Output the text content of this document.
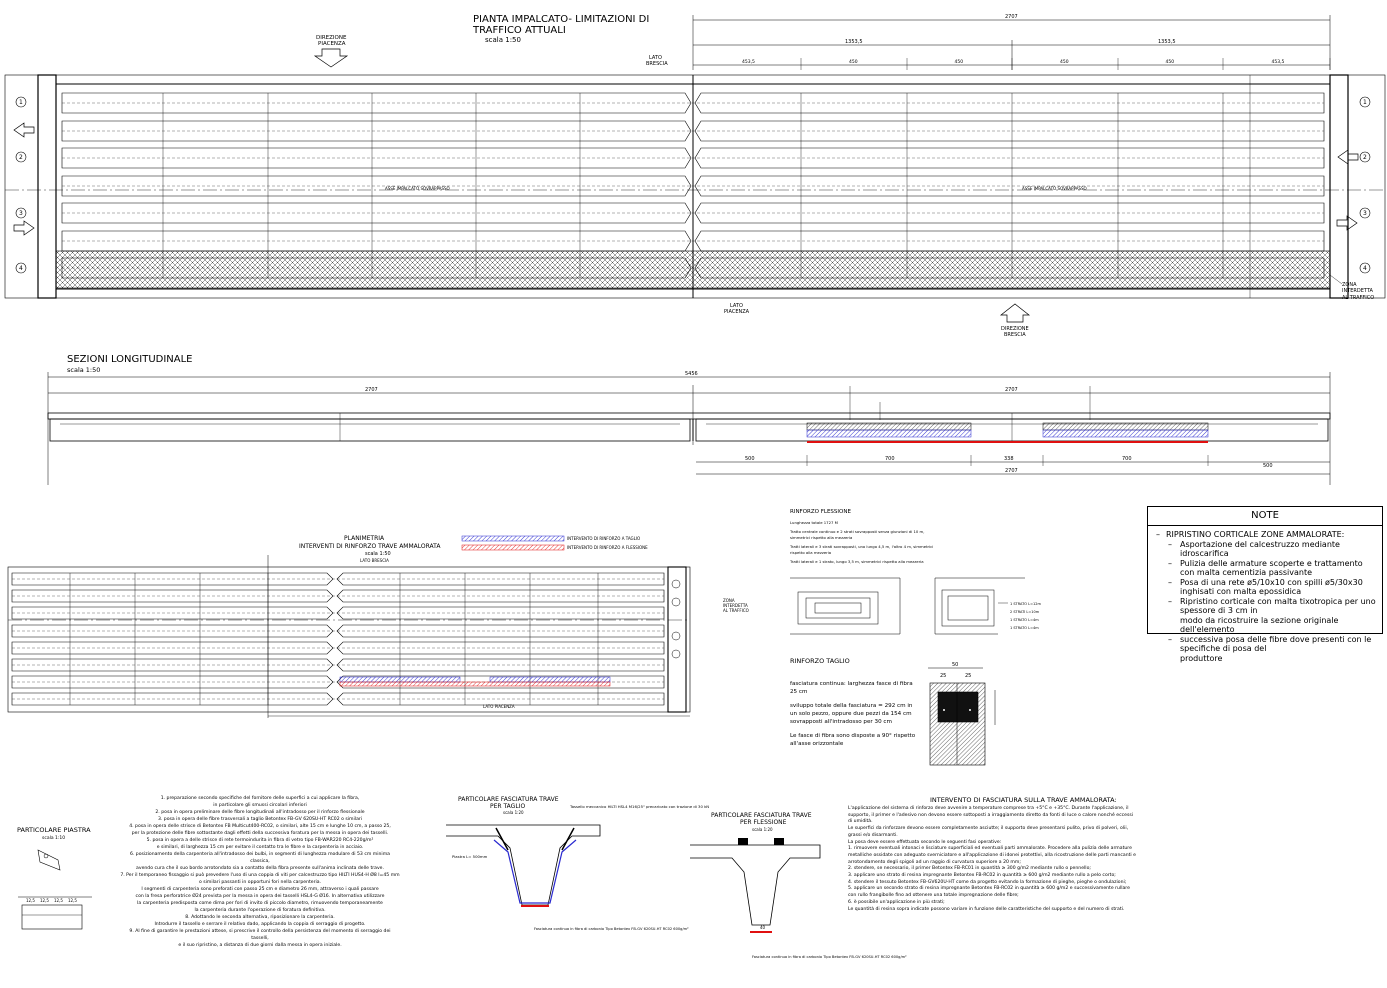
PIANTA IMPALCATO- LIMITAZIONI DI
TRAFFICO ATTUALI
scala 1:50
DIREZIONE
PIACENZA
LATO
BRESCIA
2707
1353,5	1353,5
453,5	450	450	450	450	453,5
ASSE IMPALCATO SOVRAPPASSO	ASSE IMPALCATO SOVRAPPASSO
1
2
3
4
1
2
3
4
LATO
PIACENZA
DIREZIONE
BRESCIA
ZONA
INTERDETTA
AL TRAFFICO
SEZIONI LONGITUDINALE
scala 1:50	5456
2707	2707
500	700	338	700
500
2707
PLANIMETRIA
INTERVENTI DI RINFORZO TRAVE AMMALORATA
scala 1:50
INTERVENTO DI RINFORZO A TAGLIO
INTERVENTO DI RINFORZO A FLESSIONE
LATO BRESCIA
LATO PIACENZA
ZONA
INTERDETTA
AL TRAFFICO
RINFORZO FLESSIONE
1 STRATO L=12m
2 STRATI L=10m
1 STRATO L=4m
1 STRATO L=4m
RINFORZO TAGLIO	50
25	25
PARTICOLARE PIASTRA
scala 1:10
12,5 12,5 12,5 12,5
PARTICOLARE FASCIATURA TRAVE
PER TAGLIO
scala 1:20
Tassello meccanico HILTI HSL4 M16/25" precaricato con trazione di 30 kN
Piastra L= 500mm
Fasciatura continua in fibra di carbonio Tipo Betontex FB-GV 620SU-HT RC02 600g/m²
PARTICOLARE FASCIATURA TRAVE
PER FLESSIONE
scala 1:20
40
Fasciatura continua in fibra di carbonio Tipo Betontex FB-GV 620SU-HT RC02 600g/m²
INTERVENTO DI FASCIATURA SULLA TRAVE AMMALORATA:
NOTE
– RIPRISTINO CORTICALE ZONE AMMALORATE:
– Asportazione del calcestruzzo mediante idroscarifica
– Pulizia delle armature scoperte e trattamento con malta cementizia passivante
– Posa di una rete ø5/10x10 con spilli ø5/30x30 inghisati con malta epossidica
– Ripristino corticale con malta tixotropica per uno spessore di 3 cm in
modo da ricostruire la sezione originale dell'elemento
– successiva posa delle fibre dove presenti con le specifiche di posa del
produttore

Lunghezza totale 1727 M

Tratto centrale continuo e 2 strati sovrapposti senza giunzioni di 10 m, simmetrici rispetto alla mezzeria

Tratti laterali e 3 strati sovrapposti, uno lungo 4,5 m, l'altro 4 m, simmetrici rispetto alla mezzeria

Tratti laterali e 1 strato, lungo 3,5 m, simmetrici rispetto alla mezzeria

fasciatura continua: larghezza fasce di fibra 25 cm

sviluppo totale della fasciatura = 292 cm in un solo pezzo, oppure due pezzi da 154 cm sovrapposti all'intradosso per 30 cm

Le fasce di fibra sono disposte a 90° rispetto all'asse orizzontale

1. preparazione secondo specifiche del fornitore delle superfici a cui applicare la fibra,

in particolare gli smussi circolari inferiori

2. posa in opera preliminare delle fibre longitudinali all'intradosso per il rinforzo flessionale

3. posa in opera delle fibre trasversali a taglio Betontex FB-GV 620SU-HT RC02 o similari

4. posa in opera delle strisce di Betontex FB Multicut400-RC02, o similari, alte 15 cm e lunghe 10 cm, a passo 25,

per la protezione delle fibre sottostante dagli effetti della successiva foratura per la messa in opera dei tasselli.

5. posa in opera a delle strisce di rete termoindurita in fibra di vetro tipo FB-WAR220 RC4-220g/m²

e similari, di larghezza 15 cm per evitare il contatto tra le fibre e la carpenteria in acciaio.

6. posizionamento della carpenteria all'intradosso dei bulbi, in segmenti di lunghezza modulare di 53 cm minima classica,

avendo cura che il suo bordo arrotondato sia a contatto della fibra presente sull'anima inclinata delle trave.

7. Per il temporaneo fissaggio si può prevedere l'uso di una coppia di viti per calcestruzzo tipo HILTI HUS4-H Ø8 l=45 mm

o similari passanti in opportuni fori nella carpenteria.

I segmenti di carpenteria sono preforati con passo 25 cm e diametro 26 mm, attraverso i quali passare

con la fresa perforatrice Ø24 prevista per la messa in opera dei tasselli HSL4-G Ø16. In alternativa utilizzare

la carpenteria predisposta come dima per fori di invito di piccolo diametro, rimuovendo temporaneamente

la carpenteria durante l'operazione di foratura definitiva.

8. Adottando le seconda alternativa, riposizionare la carpenteria.

Introdurre il tassello e serrare il relativo dado, applicando la coppia di serraggio di progetto.

9. Al fine di garantire le prestazioni attese, si prescrive il controllo della persistenza del momento di serraggio dei tasselli,

e il suo ripristino, a distanza di due giorni dalla messa in opera iniziale.

L'applicazione del sistema di rinforzo deve avvenire a temperature comprese tra +5°C e +35°C. Durante l'applicazione, il supporto, il primer e l'adesivo non devono essere sottoposti a irraggiamento diretto da fonti di luce o calore nonché eccessi di umidità.

Le superfici da rinforzare devono essere completamente asciutte; il supporto deve presentarsi pulito, privo di polveri, olii, grassi e/o disarmanti.

La posa deve essere effettuata secondo le seguenti fasi operative:

1. rimuovere eventuali intonaci e lisciature superficiali ed eventuali parti ammalorate. Procedere alla pulizia delle armature metalliche ossidate con adeguato sverniciatore e all'applicazione di idonei protettivi, alla ricostruzione delle parti mancanti e arrotondamento degli spigoli ad un raggio di curvatura superiore a 20 mm;

2. stendere, se necessario, il primer Betontex FB-RC01 in quantità ≥ 300 g/m2 mediante rullo o pennello;

3. applicare uno strato di resina impregnante Betontex FB-RC02 in quantità ≥ 600 g/m2 mediante rullo a pelo corto;

4. stendere il tessuto Betontex FB-GV620U-HT come da progetto evitando la formazione di pieghe, pieghe o ondulazioni;

5. applicare un secondo strato di resina impregnante Betontex FB-RC02 in quantità ≥ 600 g/m2 e successivamente rullare con rullo frangibolle fino ad ottenere una totale impregnazione delle fibre;

6. è possibile un'applicazione in più strati;

Le quantità di resina sopra indicate possono variare in funzione delle caratteristiche del supporto e del numero di strati.
